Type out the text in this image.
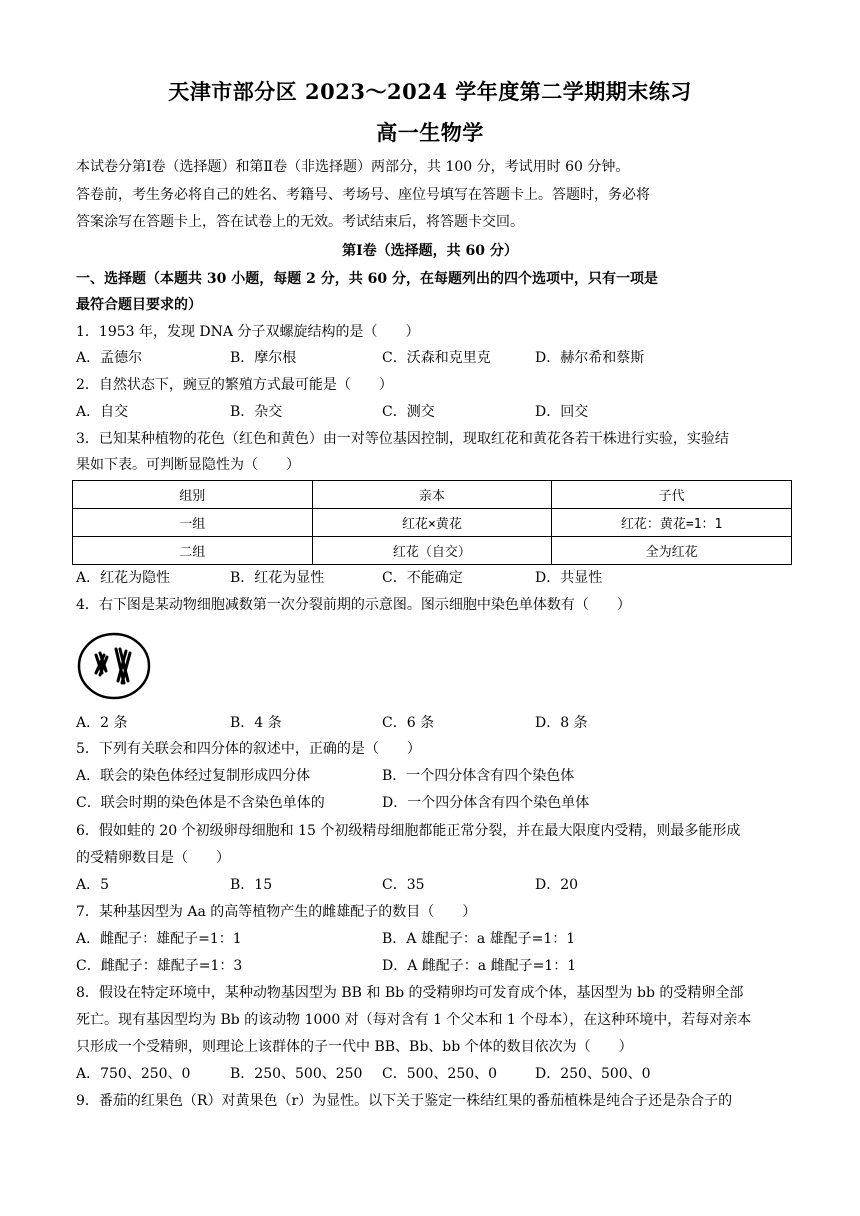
天津市部分区 2023～2024 学年度第二学期期末练习
高一生物学
本试卷分第Ⅰ卷（选择题）和第Ⅱ卷（非选择题）两部分，共 100 分，考试用时 60 分钟。
答卷前，考生务必将自己的姓名、考籍号、考场号、座位号填写在答题卡上。答题时，务必将
答案涂写在答题卡上，答在试卷上的无效。考试结束后，将答题卡交回。
第Ⅰ卷（选择题，共 60 分）
一、选择题（本题共 30 小题，每题 2 分，共 60 分，在每题列出的四个选项中，只有一项是
最符合题目要求的）
1．1953 年，发现 DNA 分子双螺旋结构的是（　　）
A．孟德尔	B．摩尔根	C．沃森和克里克	D．赫尔希和蔡斯
2．自然状态下，豌豆的繁殖方式最可能是（　　）
A．自交	B．杂交	C．测交	D．回交
3．已知某种植物的花色（红色和黄色）由一对等位基因控制，现取红花和黄花各若干株进行实验，实验结
果如下表。可判断显隐性为（　　）
组别	亲本	子代
一组	红花×黄花	红花：黄花=1：1
二组	红花（自交）	全为红花
A．红花为隐性	B．红花为显性	C．不能确定	D．共显性
4．右下图是某动物细胞减数第一次分裂前期的示意图。图示细胞中染色单体数有（　　）
A．2 条	B．4 条	C．6 条	D．8 条
5．下列有关联会和四分体的叙述中，正确的是（　　）
A．联会的染色体经过复制形成四分体	B．一个四分体含有四个染色体
C．联会时期的染色体是不含染色单体的	D．一个四分体含有四个染色单体
6．假如蛙的 20 个初级卵母细胞和 15 个初级精母细胞都能正常分裂，并在最大限度内受精，则最多能形成
的受精卵数目是（　　）
A．5	B．15	C．35	D．20
7．某种基因型为 Aa 的高等植物产生的雌雄配子的数目（　　）
A．雌配子：雄配子=1：1	B．A 雄配子：a 雄配子=1：1
C．雌配子：雄配子=1：3	D．A 雌配子：a 雌配子=1：1
8．假设在特定环境中，某种动物基因型为 BB 和 Bb 的受精卵均可发育成个体，基因型为 bb 的受精卵全部
死亡。现有基因型均为 Bb 的该动物 1000 对（每对含有 1 个父本和 1 个母本），在这种环境中，若每对亲本
只形成一个受精卵，则理论上该群体的子一代中 BB、Bb、bb 个体的数目依次为（　　）
A．750、250、0	B．250、500、250 C．500、250、0	D．250、500、0
9．番茄的红果色（R）对黄果色（r）为显性。以下关于鉴定一株结红果的番茄植株是纯合子还是杂合子的
